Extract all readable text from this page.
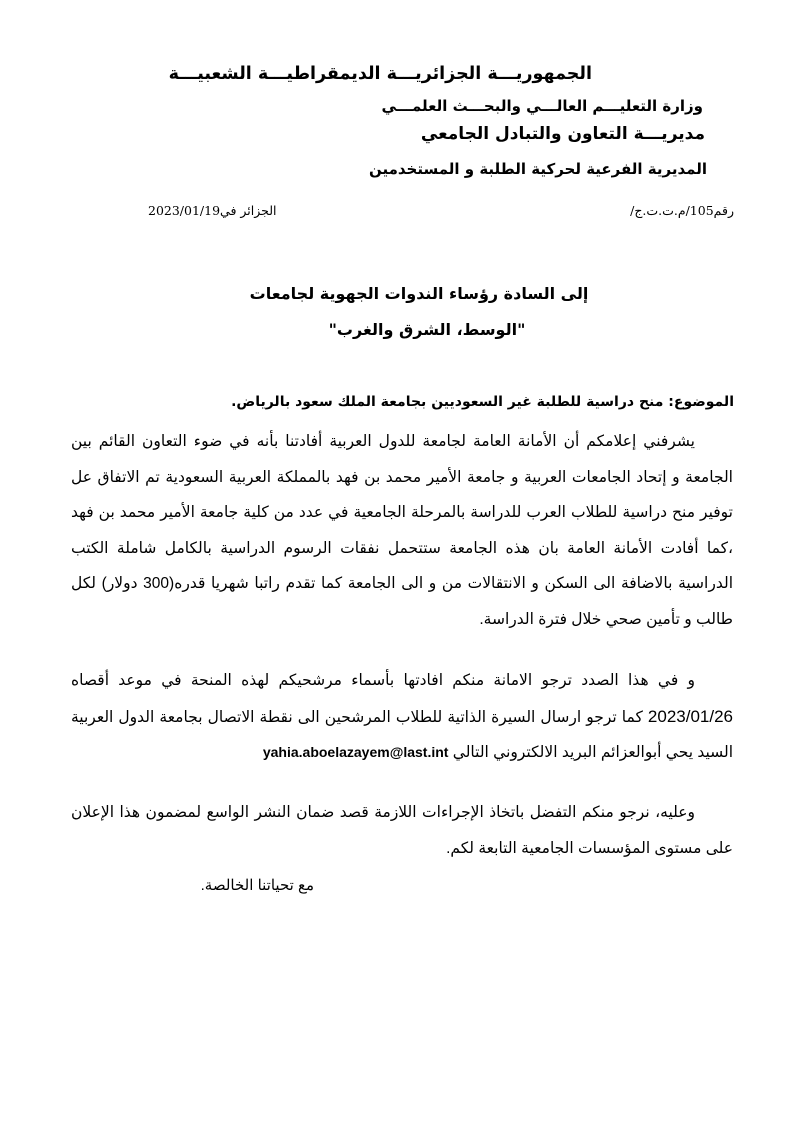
الجمهوريـــة الجزائريـــة الديمقراطيـــة الشعبيـــة
وزارة التعليـــم العالـــي والبحـــث العلمـــي
مديريـــة التعاون والتبادل الجامعي
المديرية الفرعية لحركية الطلبة و المستخدمين
رقم105/م.ت.ت.ج/
الجزائر في2023/01/19
إلى السادة رؤساء الندوات الجهوية لجامعات
"الوسط، الشرق والغرب"
الموضوع: منح دراسية للطلبة غير السعوديين بجامعة الملك سعود بالرياض.
يشرفني إعلامكم أن الأمانة العامة لجامعة للدول العربية أفادتنا بأنه في ضوء التعاون القائم بين الجامعة و إتحاد الجامعات العربية و جامعة الأمير محمد بن فهد بالمملكة العربية السعودية تم الاتفاق عل توفير منح دراسية للطلاب العرب للدراسة بالمرحلة الجامعية في عدد من كلية جامعة الأمير محمد بن فهد ،كما أفادت الأمانة العامة بان هذه الجامعة ستتحمل نفقات الرسوم الدراسية بالكامل شاملة الكتب الدراسية بالاضافة الى السكن و الانتقالات من و الى الجامعة كما تقدم راتبا شهريا قدره(300 دولار) لكل طالب و تأمين صحي خلال فترة الدراسة.
و في هذا الصدد ترجو الامانة منكم افادتها بأسماء مرشحيكم لهذه المنحة في موعد أقصاه 2023/01/26 كما ترجو ارسال السيرة الذاتية للطلاب المرشحين الى نقطة الاتصال بجامعة الدول العربية السيد يحي أبوالعزائم البريد الالكتروني التالي yahia.aboelazayem@last.int
وعليه، نرجو منكم التفضل باتخاذ الإجراءات اللازمة قصد ضمان النشر الواسع لمضمون هذا الإعلان على مستوى المؤسسات الجامعية التابعة لكم.
مع تحياتنا الخالصة.
